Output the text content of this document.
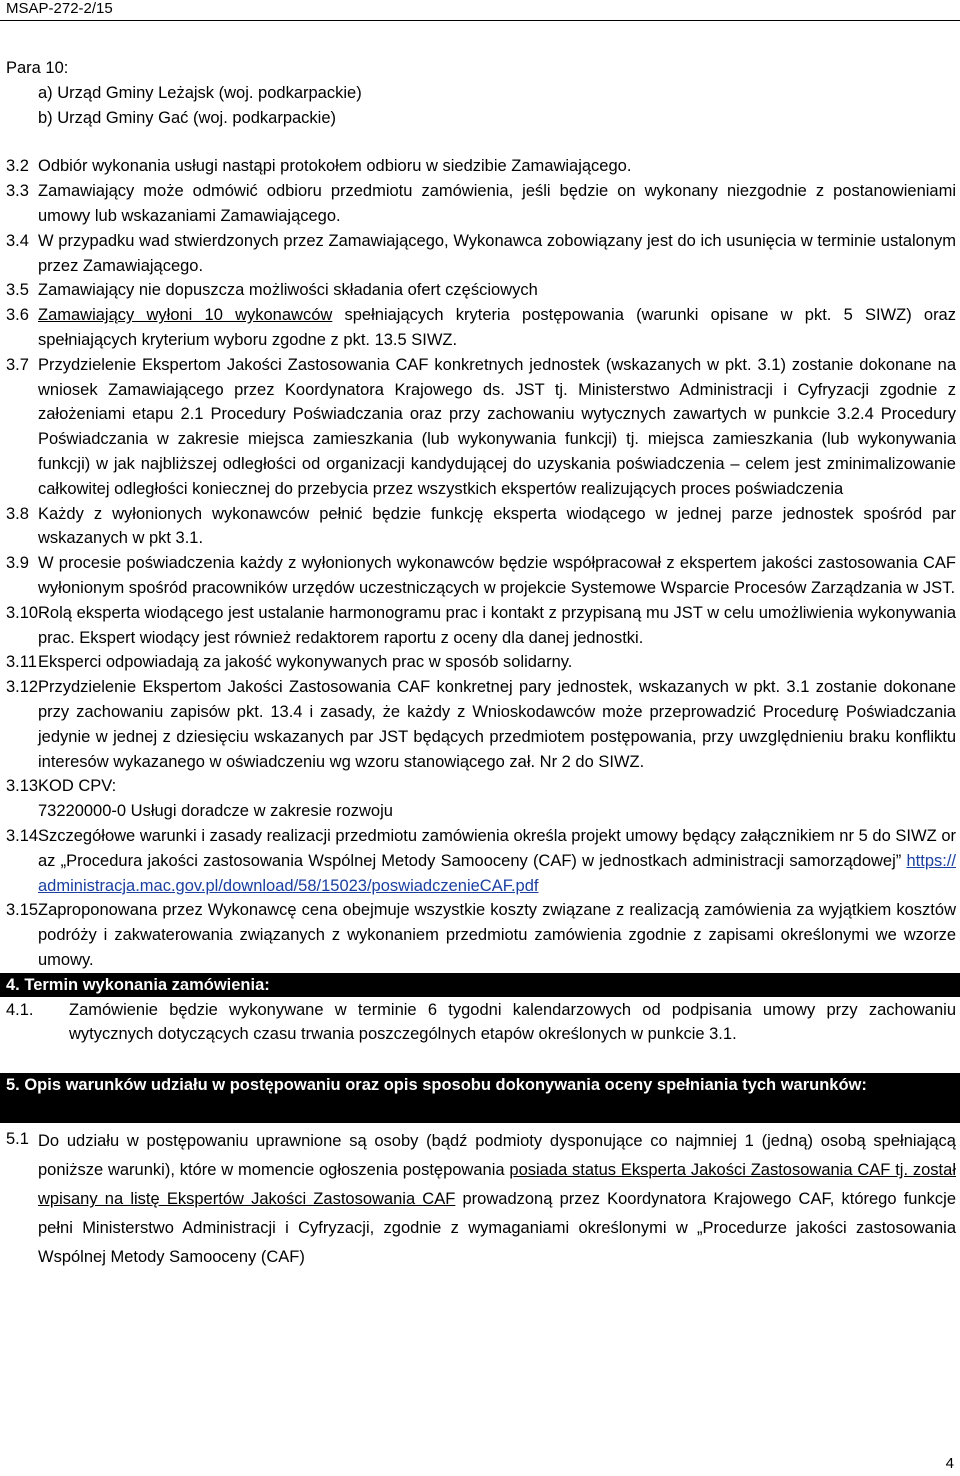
MSAP-272-2/15
Para 10:
a) Urząd Gminy Leżajsk (woj. podkarpackie)
b) Urząd Gminy Gać (woj. podkarpackie)
3.2 Odbiór wykonania usługi nastąpi protokołem odbioru w siedzibie Zamawiającego.
3.3 Zamawiający może odmówić odbioru przedmiotu zamówienia, jeśli będzie on wykonany niezgodnie z postanowieniami umowy lub wskazaniami Zamawiającego.
3.4 W przypadku wad stwierdzonych przez Zamawiającego, Wykonawca zobowiązany jest do ich usunięcia w terminie ustalonym przez Zamawiającego.
3.5 Zamawiający nie dopuszcza możliwości składania ofert częściowych
3.6 Zamawiający wyłoni 10 wykonawców spełniających kryteria postępowania (warunki opisane w pkt. 5 SIWZ) oraz spełniających kryterium wyboru zgodne z pkt. 13.5 SIWZ.
3.7 Przydzielenie Ekspertom Jakości Zastosowania CAF konkretnych jednostek (wskazanych w pkt. 3.1) zostanie dokonane na wniosek Zamawiającego przez Koordynatora Krajowego ds. JST tj. Ministerstwo Administracji i Cyfryzacji zgodnie z założeniami etapu 2.1 Procedury Poświadczania oraz przy zachowaniu wytycznych zawartych w punkcie 3.2.4 Procedury Poświadczania w zakresie miejsca zamieszkania (lub wykonywania funkcji) tj. miejsca zamieszkania (lub wykonywania funkcji) w jak najbliższej odległości od organizacji kandydującej do uzyskania poświadczenia – celem jest zminimalizowanie całkowitej odległości koniecznej do przebycia przez wszystkich ekspertów realizujących proces poświadczenia
3.8 Każdy z wyłonionych wykonawców pełnić będzie funkcję eksperta wiodącego w jednej parze jednostek spośród par wskazanych w pkt 3.1.
3.9 W procesie poświadczenia każdy z wyłonionych wykonawców będzie współpracował z ekspertem jakości zastosowania CAF wyłonionym spośród pracowników urzędów uczestniczących w projekcie Systemowe Wsparcie Procesów Zarządzania w JST.
3.10 Rolą eksperta wiodącego jest ustalanie harmonogramu prac i kontakt z przypisaną mu JST w celu umożliwienia wykonywania prac. Ekspert wiodący jest również redaktorem raportu z oceny dla danej jednostki.
3.11 Eksperci odpowiadają za jakość wykonywanych prac w sposób solidarny.
3.12 Przydzielenie Ekspertom Jakości Zastosowania CAF konkretnej pary jednostek, wskazanych w pkt. 3.1 zostanie dokonane przy zachowaniu zapisów pkt. 13.4 i zasady, że każdy z Wnioskodawców może przeprowadzić Procedurę Poświadczania jedynie w jednej z dziesięciu wskazanych par JST będących przedmiotem postępowania, przy uwzględnieniu braku konfliktu interesów wykazanego w oświadczeniu wg wzoru stanowiącego zał. Nr 2 do SIWZ.
3.13 KOD CPV:
73220000-0 Usługi doradcze w zakresie rozwoju
3.14 Szczegółowe warunki i zasady realizacji przedmiotu zamówienia określa projekt umowy będący załącznikiem nr 5 do SIWZ oraz „Procedura jakości zastosowania Wspólnej Metody Samooceny (CAF) w jednostkach administracji samorządowej” https://administracja.mac.gov.pl/download/58/15023/poswiadczenieCAF.pdf
3.15 Zaproponowana przez Wykonawcę cena obejmuje wszystkie koszty związane z realizacją zamówienia za wyjątkiem kosztów podróży i zakwaterowania związanych z wykonaniem przedmiotu zamówienia zgodnie z zapisami określonymi we wzorze umowy.
4. Termin wykonania zamówienia:
4.1. Zamówienie będzie wykonywane w terminie 6 tygodni kalendarzowych od podpisania umowy przy zachowaniu wytycznych dotyczących czasu trwania poszczególnych etapów określonych w punkcie 3.1.
5. Opis warunków udziału w postępowaniu oraz opis sposobu dokonywania oceny spełniania tych warunków:
5.1 Do udziału w postępowaniu uprawnione są osoby (bądź podmioty dysponujące co najmniej 1 (jedną) osobą spełniającą poniższe warunki), które w momencie ogłoszenia postępowania posiada status Eksperta Jakości Zastosowania CAF tj. został wpisany na listę Ekspertów Jakości Zastosowania CAF prowadzoną przez Koordynatora Krajowego CAF, którego funkcje pełni Ministerstwo Administracji i Cyfryzacji, zgodnie z wymaganiami określonymi w „Procedurze jakości zastosowania Wspólnej Metody Samooceny (CAF)
4
